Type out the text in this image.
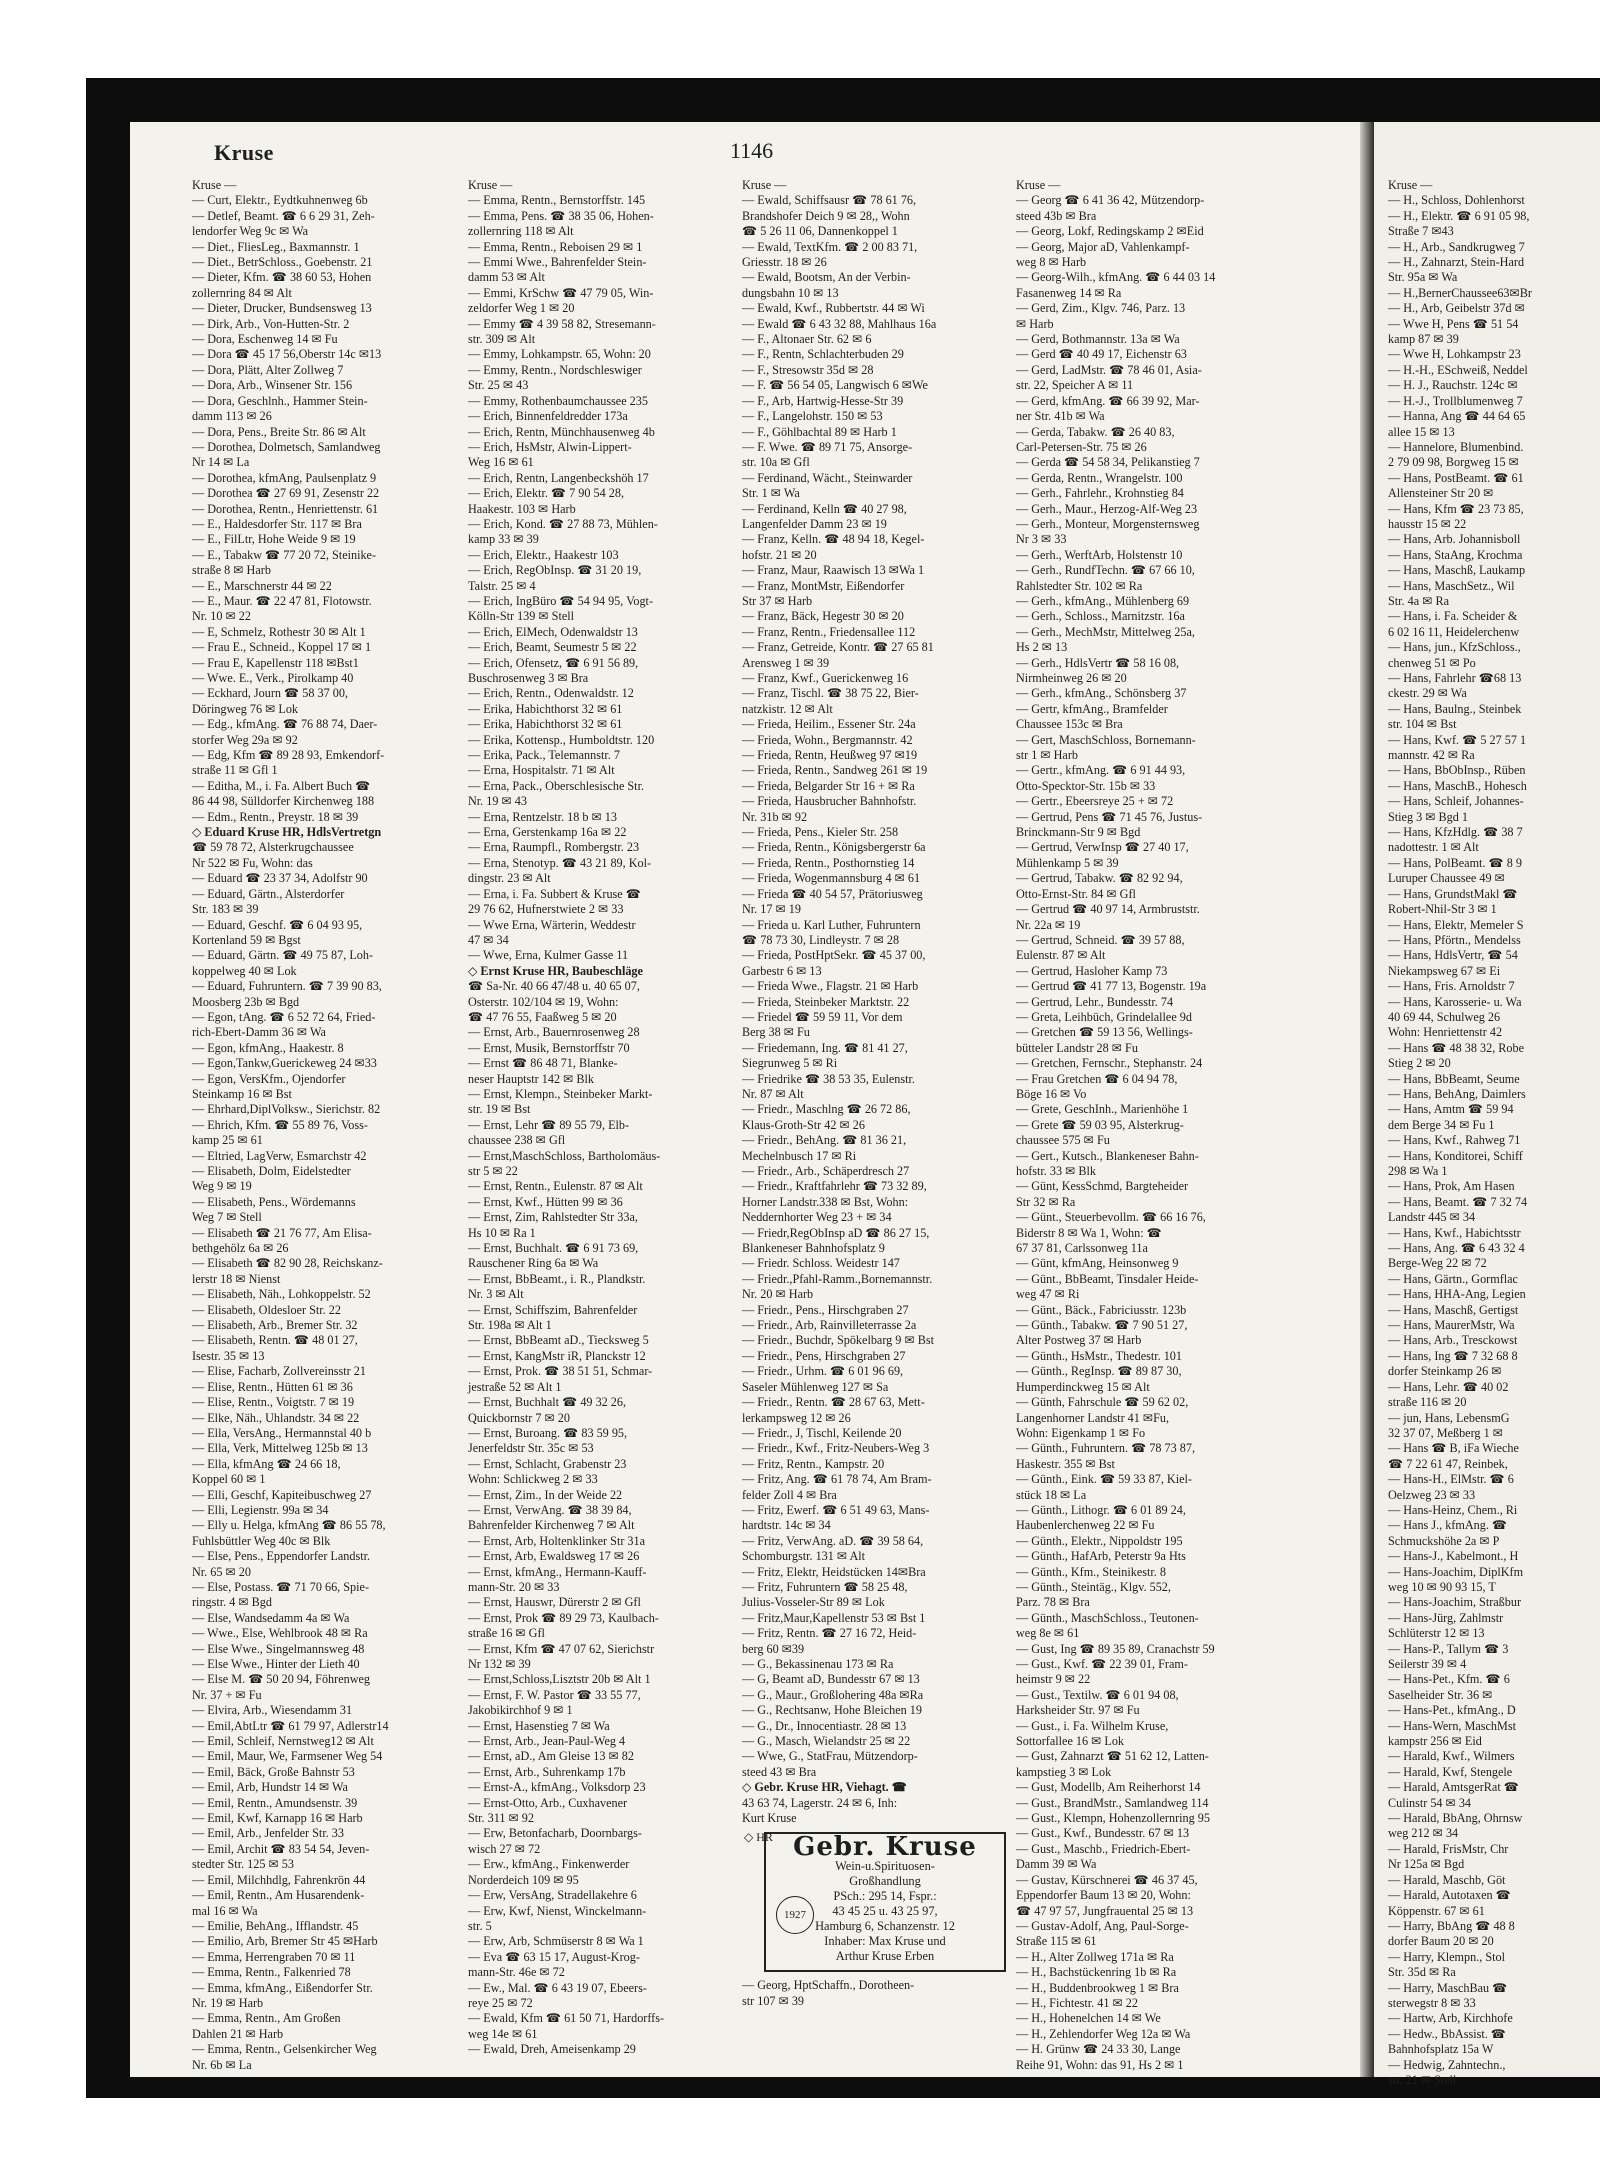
Kruse	1146
Kruse —
— Curt, Elektr., Eydtkuhnenweg 6b
— Detlef, Beamt. ☎ 6 6 29 31, Zeh-
lendorfer Weg 9c ✉ Wa
— Diet., FliesLeg., Baxmannstr. 1
— Diet., BetrSchloss., Goebenstr. 21
— Dieter, Kfm. ☎ 38 60 53, Hohen
zollernring 84 ✉ Alt
— Dieter, Drucker, Bundsensweg 13
— Dirk, Arb., Von-Hutten-Str. 2
— Dora, Eschenweg 14 ✉ Fu
— Dora ☎ 45 17 56,Oberstr 14c ✉13
— Dora, Plätt, Alter Zollweg 7
— Dora, Arb., Winsener Str. 156
— Dora, Geschlnh., Hammer Stein-
damm 113 ✉ 26
— Dora, Pens., Breite Str. 86 ✉ Alt
— Dorothea, Dolmetsch, Samlandweg
Nr 14 ✉ La
— Dorothea, kfmAng, Paulsenplatz 9
— Dorothea ☎ 27 69 91, Zesenstr 22
— Dorothea, Rentn., Henriettenstr. 61
— E., Haldesdorfer Str. 117 ✉ Bra
— E., FilLtr, Hohe Weide 9 ✉ 19
— E., Tabakw ☎ 77 20 72, Steinike-
straße 8 ✉ Harb
— E., Marschnerstr 44 ✉ 22
— E., Maur. ☎ 22 47 81, Flotowstr.
Nr. 10 ✉ 22
— E, Schmelz, Rothestr 30 ✉ Alt 1
— Frau E., Schneid., Koppel 17 ✉ 1
— Frau E, Kapellenstr 118 ✉Bst1
— Wwe. E., Verk., Pirolkamp 40
— Eckhard, Journ ☎ 58 37 00,
Döringweg 76 ✉ Lok
— Edg., kfmAng. ☎ 76 88 74, Daer-
storfer Weg 29a ✉ 92
— Edg, Kfm ☎ 89 28 93, Emkendorf-
straße 11 ✉ Gfl 1
— Editha, M., i. Fa. Albert Buch ☎
86 44 98, Sülldorfer Kirchenweg 188
— Edm., Rentn., Preystr. 18 ✉ 39
◇ Eduard Kruse HR, HdlsVertretgn
☎ 59 78 72, Alsterkrugchaussee
Nr 522 ✉ Fu, Wohn: das
— Eduard ☎ 23 37 34, Adolfstr 90
— Eduard, Gärtn., Alsterdorfer
Str. 183 ✉ 39
— Eduard, Geschf. ☎ 6 04 93 95,
Kortenland 59 ✉ Bgst
— Eduard, Gärtn. ☎ 49 75 87, Loh-
koppelweg 40 ✉ Lok
— Eduard, Fuhruntern. ☎ 7 39 90 83,
Moosberg 23b ✉ Bgd
— Egon, tAng. ☎ 6 52 72 64, Fried-
rich-Ebert-Damm 36 ✉ Wa
— Egon, kfmAng., Haakestr. 8
— Egon,Tankw,Guerickeweg 24 ✉33
— Egon, VersKfm., Ojendorfer
Steinkamp 16 ✉ Bst
— Ehrhard,DiplVolksw., Sierichstr. 82
— Ehrich, Kfm. ☎ 55 89 76, Voss-
kamp 25 ✉ 61
— Eltried, LagVerw, Esmarchstr 42
— Elisabeth, Dolm, Eidelstedter
Weg 9 ✉ 19
— Elisabeth, Pens., Wördemanns
Weg 7 ✉ Stell
— Elisabeth ☎ 21 76 77, Am Elisa-
bethgehölz 6a ✉ 26
— Elisabeth ☎ 82 90 28, Reichskanz-
lerstr 18 ✉ Nienst
— Elisabeth, Näh., Lohkoppelstr. 52
— Elisabeth, Oldesloer Str. 22
— Elisabeth, Arb., Bremer Str. 32
— Elisabeth, Rentn. ☎ 48 01 27,
Isestr. 35 ✉ 13
— Elise, Facharb, Zollvereinsstr 21
— Elise, Rentn., Hütten 61 ✉ 36
— Elise, Rentn., Voigtstr. 7 ✉ 19
— Elke, Näh., Uhlandstr. 34 ✉ 22
— Ella, VersAng., Hermannstal 40 b
— Ella, Verk, Mittelweg 125b ✉ 13
— Ella, kfmAng ☎ 24 66 18,
Koppel 60 ✉ 1
— Elli, Geschf, Kapiteibuschweg 27
— Elli, Legienstr. 99a ✉ 34
— Elly u. Helga, kfmAng ☎ 86 55 78,
Fuhlsbüttler Weg 40c ✉ Blk
— Else, Pens., Eppendorfer Landstr.
Nr. 65 ✉ 20
— Else, Postass. ☎ 71 70 66, Spie-
ringstr. 4 ✉ Bgd
— Else, Wandsedamm 4a ✉ Wa
— Wwe., Else, Wehlbrook 48 ✉ Ra
— Else Wwe., Singelmannsweg 48
— Else Wwe., Hinter der Lieth 40
— Else M. ☎ 50 20 94, Föhrenweg
Nr. 37 + ✉ Fu
— Elvira, Arb., Wiesendamm 31
— Emil,AbtLtr ☎ 61 79 97, Adlerstr14
— Emil, Schleif, Nernstweg12 ✉ Alt
— Emil, Maur, We, Farmsener Weg 54
— Emil, Bäck, Große Bahnstr 53
— Emil, Arb, Hundstr 14 ✉ Wa
— Emil, Rentn., Amundsenstr. 39
— Emil, Kwf, Karnapp 16 ✉ Harb
— Emil, Arb., Jenfelder Str. 33
— Emil, Archit ☎ 83 54 54, Jeven-
stedter Str. 125 ✉ 53
— Emil, Milchhdlg, Fahrenkrön 44
— Emil, Rentn., Am Husarendenk-
mal 16 ✉ Wa
— Emilie, BehAng., Ifflandstr. 45
— Emilio, Arb, Bremer Str 45 ✉Harb
— Emma, Herrengraben 70 ✉ 11
— Emma, Rentn., Falkenried 78
— Emma, kfmAng., Eißendorfer Str.
Nr. 19 ✉ Harb
— Emma, Rentn., Am Großen
Dahlen 21 ✉ Harb
— Emma, Rentn., Gelsenkircher Weg
Nr. 6b ✉ La
Kruse —
— Emma, Rentn., Bernstorffstr. 145
— Emma, Pens. ☎ 38 35 06, Hohen-
zollernring 118 ✉ Alt
— Emma, Rentn., Reboisen 29 ✉ 1
— Emmi Wwe., Bahrenfelder Stein-
damm 53 ✉ Alt
— Emmi, KrSchw ☎ 47 79 05, Win-
zeldorfer Weg 1 ✉ 20
— Emmy ☎ 4 39 58 82, Stresemann-
str. 309 ✉ Alt
— Emmy, Lohkampstr. 65, Wohn: 20
— Emmy, Rentn., Nordschleswiger
Str. 25 ✉ 43
— Emmy, Rothenbaumchaussee 235
— Erich, Binnenfeldredder 173a
— Erich, Rentn, Münchhausenweg 4b
— Erich, HsMstr, Alwin-Lippert-
Weg 16 ✉ 61
— Erich, Rentn, Langenbeckshöh 17
— Erich, Elektr. ☎ 7 90 54 28,
Haakestr. 103 ✉ Harb
— Erich, Kond. ☎ 27 88 73, Mühlen-
kamp 33 ✉ 39
— Erich, Elektr., Haakestr 103
— Erich, RegObInsp. ☎ 31 20 19,
Talstr. 25 ✉ 4
— Erich, IngBüro ☎ 54 94 95, Vogt-
Kölln-Str 139 ✉ Stell
— Erich, ElMech, Odenwaldstr 13
— Erich, Beamt, Seumestr 5 ✉ 22
— Erich, Ofensetz, ☎ 6 91 56 89,
Buschrosenweg 3 ✉ Bra
— Erich, Rentn., Odenwaldstr. 12
— Erika, Habichthorst 32 ✉ 61
— Erika, Habichthorst 32 ✉ 61
— Erika, Kottensp., Humboldtstr. 120
— Erika, Pack., Telemannstr. 7
— Erna, Hospitalstr. 71 ✉ Alt
— Erna, Pack., Oberschlesische Str.
Nr. 19 ✉ 43
— Erna, Rentzelstr. 18 b ✉ 13
— Erna, Gerstenkamp 16a ✉ 22
— Erna, Raumpfl., Rombergstr. 23
— Erna, Stenotyp. ☎ 43 21 89, Kol-
dingstr. 23 ✉ Alt
— Erna, i. Fa. Subbert & Kruse ☎
29 76 62, Hufnerstwiete 2 ✉ 33
— Wwe Erna, Wärterin, Weddestr
47 ✉ 34
— Wwe, Erna, Kulmer Gasse 11
◇ Ernst Kruse HR, Baubeschläge
☎ Sa-Nr. 40 66 47/48 u. 40 65 07,
Osterstr. 102/104 ✉ 19, Wohn:
☎ 47 76 55, Faaßweg 5 ✉ 20
— Ernst, Arb., Bauernrosenweg 28
— Ernst, Musik, Bernstorffstr 70
— Ernst ☎ 86 48 71, Blanke-
neser Hauptstr 142 ✉ Blk
— Ernst, Klempn., Steinbeker Markt-
str. 19 ✉ Bst
— Ernst, Lehr ☎ 89 55 79, Elb-
chaussee 238 ✉ Gfl
— Ernst,MaschSchloss, Bartholomäus-
str 5 ✉ 22
— Ernst, Rentn., Eulenstr. 87 ✉ Alt
— Ernst, Kwf., Hütten 99 ✉ 36
— Ernst, Zim, Rahlstedter Str 33a,
Hs 10 ✉ Ra 1
— Ernst, Buchhalt. ☎ 6 91 73 69,
Rauschener Ring 6a ✉ Wa
— Ernst, BbBeamt., i. R., Plandkstr.
Nr. 3 ✉ Alt
— Ernst, Schiffszim, Bahrenfelder
Str. 198a ✉ Alt 1
— Ernst, BbBeamt aD., Tiecksweg 5
— Ernst, KangMstr iR, Planckstr 12
— Ernst, Prok. ☎ 38 51 51, Schmar-
jestraße 52 ✉ Alt 1
— Ernst, Buchhalt ☎ 49 32 26,
Quickbornstr 7 ✉ 20
— Ernst, Buroang. ☎ 83 59 95,
Jenerfeldstr Str. 35c ✉ 53
— Ernst, Schlacht, Grabenstr 23
Wohn: Schlickweg 2 ✉ 33
— Ernst, Zim., In der Weide 22
— Ernst, VerwAng. ☎ 38 39 84,
Bahrenfelder Kirchenweg 7 ✉ Alt
— Ernst, Arb, Holtenklinker Str 31a
— Ernst, Arb, Ewaldsweg 17 ✉ 26
— Ernst, kfmAng., Hermann-Kauff-
mann-Str. 20 ✉ 33
— Ernst, Hauswr, Dürerstr 2 ✉ Gfl
— Ernst, Prok ☎ 89 29 73, Kaulbach-
straße 16 ✉ Gfl
— Ernst, Kfm ☎ 47 07 62, Sierichstr
Nr 132 ✉ 39
— Ernst,Schloss,Lisztstr 20b ✉ Alt 1
— Ernst, F. W. Pastor ☎ 33 55 77,
Jakobikirchhof 9 ✉ 1
— Ernst, Hasenstieg 7 ✉ Wa
— Ernst, Arb., Jean-Paul-Weg 4
— Ernst, aD., Am Gleise 13 ✉ 82
— Ernst, Arb., Suhrenkamp 17b
— Ernst-A., kfmAng., Volksdorp 23
— Ernst-Otto, Arb., Cuxhavener
Str. 311 ✉ 92
— Erw, Betonfacharb, Doornbargs-
wisch 27 ✉ 72
— Erw., kfmAng., Finkenwerder
Norderdeich 109 ✉ 95
— Erw, VersAng, Stradellakehre 6
— Erw, Kwf, Nienst, Winckelmann-
str. 5
— Erw, Arb, Schmüserstr 8 ✉ Wa 1
— Eva ☎ 63 15 17, August-Krog-
mann-Str. 46e ✉ 72
— Ew., Mal. ☎ 6 43 19 07, Ebeers-
reye 25 ✉ 72
— Ewald, Kfm ☎ 61 50 71, Hardorffs-
weg 14e ✉ 61
— Ewald, Dreh, Ameisenkamp 29
Kruse —
— Ewald, Schiffsausr ☎ 78 61 76,
Brandshofer Deich 9 ✉ 28,, Wohn
☎ 5 26 11 06, Dannenkoppel 1
— Ewald, TextKfm. ☎ 2 00 83 71,
Griesstr. 18 ✉ 26
— Ewald, Bootsm, An der Verbin-
dungsbahn 10 ✉ 13
— Ewald, Kwf., Rubbertstr. 44 ✉ Wi
— Ewald ☎ 6 43 32 88, Mahlhaus 16a
— F., Altonaer Str. 62 ✉ 6
— F., Rentn, Schlachterbuden 29
— F., Stresowstr 35d ✉ 28
— F. ☎ 56 54 05, Langwisch 6 ✉We
— F., Arb, Hartwig-Hesse-Str 39
— F., Langelohstr. 150 ✉ 53
— F., Göhlbachtal 89 ✉ Harb 1
— F. Wwe. ☎ 89 71 75, Ansorge-
str. 10a ✉ Gfl
— Ferdinand, Wächt., Steinwarder
Str. 1 ✉ Wa
— Ferdinand, Kelln ☎ 40 27 98,
Langenfelder Damm 23 ✉ 19
— Franz, Kelln. ☎ 48 94 18, Kegel-
hofstr. 21 ✉ 20
— Franz, Maur, Raawisch 13 ✉Wa 1
— Franz, MontMstr, Eißendorfer
Str 37 ✉ Harb
— Franz, Bäck, Hegestr 30 ✉ 20
— Franz, Rentn., Friedensallee 112
— Franz, Getreide, Kontr. ☎ 27 65 81
Arensweg 1 ✉ 39
— Franz, Kwf., Guerickenweg 16
— Franz, Tischl. ☎ 38 75 22, Bier-
natzkistr. 12 ✉ Alt
— Frieda, Heilim., Essener Str. 24a
— Frieda, Wohn., Bergmannstr. 42
— Frieda, Rentn, Heußweg 97 ✉19
— Frieda, Rentn., Sandweg 261 ✉ 19
— Frieda, Belgarder Str 16 + ✉ Ra
— Frieda, Hausbrucher Bahnhofstr.
Nr. 31b ✉ 92
— Frieda, Pens., Kieler Str. 258
— Frieda, Rentn., Königsbergerstr 6a
— Frieda, Rentn., Posthornstieg 14
— Frieda, Wogenmannsburg 4 ✉ 61
— Frieda ☎ 40 54 57, Prätoriusweg
Nr. 17 ✉ 19
— Frieda u. Karl Luther, Fuhruntern
☎ 78 73 30, Lindleystr. 7 ✉ 28
— Frieda, PostHptSekr. ☎ 45 37 00,
Garbestr 6 ✉ 13
— Frieda Wwe., Flagstr. 21 ✉ Harb
— Frieda, Steinbeker Marktstr. 22
— Friedel ☎ 59 59 11, Vor dem
Berg 38 ✉ Fu
— Friedemann, Ing. ☎ 81 41 27,
Siegrunweg 5 ✉ Ri
— Friedrike ☎ 38 53 35, Eulenstr.
Nr. 87 ✉ Alt
— Friedr., Maschlng ☎ 26 72 86,
Klaus-Groth-Str 42 ✉ 26
— Friedr., BehAng. ☎ 81 36 21,
Mechelnbusch 17 ✉ Ri
— Friedr., Arb., Schäperdresch 27
— Friedr., Kraftfahrlehr ☎ 73 32 89,
Horner Landstr.338 ✉ Bst, Wohn:
Neddernhorter Weg 23 + ✉ 34
— Friedr,RegObInsp aD ☎ 86 27 15,
Blankeneser Bahnhofsplatz 9
— Friedr. Schloss. Weidestr 147
— Friedr.,Pfahl-Ramm.,Bornemannstr.
Nr. 20 ✉ Harb
— Friedr., Pens., Hirschgraben 27
— Friedr., Arb, Rainvilleterrasse 2a
— Friedr., Buchdr, Spökelbarg 9 ✉ Bst
— Friedr., Pens, Hirschgraben 27
— Friedr., Urhm. ☎ 6 01 96 69,
Saseler Mühlenweg 127 ✉ Sa
— Friedr., Rentn. ☎ 28 67 63, Mett-
lerkampsweg 12 ✉ 26
— Friedr., J, Tischl, Keilende 20
— Friedr., Kwf., Fritz-Neubers-Weg 3
— Fritz, Rentn., Kampstr. 20
— Fritz, Ang. ☎ 61 78 74, Am Bram-
felder Zoll 4 ✉ Bra
— Fritz, Ewerf. ☎ 6 51 49 63, Mans-
hardtstr. 14c ✉ 34
— Fritz, VerwAng. aD. ☎ 39 58 64,
Schomburgstr. 131 ✉ Alt
— Fritz, Elektr, Heidstücken 14✉Bra
— Fritz, Fuhruntern ☎ 58 25 48,
Julius-Vosseler-Str 89 ✉ Lok
— Fritz,Maur,Kapellenstr 53 ✉ Bst 1
— Fritz, Rentn. ☎ 27 16 72, Heid-
berg 60 ✉39
— G., Bekassinenau 173 ✉ Ra
— G, Beamt aD, Bundesstr 67 ✉ 13
— G., Maur., Großlohering 48a ✉Ra
— G., Rechtsanw, Hohe Bleichen 19
— G., Dr., Innocentiastr. 28 ✉ 13
— G., Masch, Wielandstr 25 ✉ 22
— Wwe, G., StatFrau, Mützendorp-
steed 43 ✉ Bra
◇ Gebr. Kruse HR, Viehagt. ☎
43 63 74, Lagerstr. 24 ✉ 6, Inh:
Kurt Kruse
◇ HR Gebr. Kruse
1927
Wein-u.Spirituosen-
Großhandlung
PSch.: 295 14, Fspr.:
43 45 25 u. 43 25 97,
Hamburg 6, Schanzenstr. 12
Inhaber: Max Kruse und
Arthur Kruse Erben
— Georg, HptSchaffn., Dorotheen-
str 107 ✉ 39
Kruse —
— Georg ☎ 6 41 36 42, Mützendorp-
steed 43b ✉ Bra
— Georg, Lokf, Redingskamp 2 ✉Eid
— Georg, Major aD, Vahlenkampf-
weg 8 ✉ Harb
— Georg-Wilh., kfmAng. ☎ 6 44 03 14
Fasanenweg 14 ✉ Ra
— Gerd, Zim., Klgv. 746, Parz. 13
✉ Harb
— Gerd, Bothmannstr. 13a ✉ Wa
— Gerd ☎ 40 49 17, Eichenstr 63
— Gerd, LadMstr. ☎ 78 46 01, Asia-
str. 22, Speicher A ✉ 11
— Gerd, kfmAng. ☎ 66 39 92, Mar-
ner Str. 41b ✉ Wa
— Gerda, Tabakw. ☎ 26 40 83,
Carl-Petersen-Str. 75 ✉ 26
— Gerda ☎ 54 58 34, Pelikanstieg 7
— Gerda, Rentn., Wrangelstr. 100
— Gerh., Fahrlehr., Krohnstieg 84
— Gerh., Maur., Herzog-Alf-Weg 23
— Gerh., Monteur, Morgensternsweg
Nr 3 ✉ 33
— Gerh., WerftArb, Holstenstr 10
— Gerh., RundfTechn. ☎ 67 66 10,
Rahlstedter Str. 102 ✉ Ra
— Gerh., kfmAng., Mühlenberg 69
— Gerh., Schloss., Marnitzstr. 16a
— Gerh., MechMstr, Mittelweg 25a,
Hs 2 ✉ 13
— Gerh., HdlsVertr ☎ 58 16 08,
Nirmheinweg 26 ✉ 20
— Gerh., kfmAng., Schönsberg 37
— Gertr, kfmAng., Bramfelder
Chaussee 153c ✉ Bra
— Gert, MaschSchloss, Bornemann-
str 1 ✉ Harb
— Gertr., kfmAng. ☎ 6 91 44 93,
Otto-Specktor-Str. 15b ✉ 33
— Gertr., Ebeersreye 25 + ✉ 72
— Gertrud, Pens ☎ 71 45 76, Justus-
Brinckmann-Str 9 ✉ Bgd
— Gertrud, VerwInsp ☎ 27 40 17,
Mühlenkamp 5 ✉ 39
— Gertrud, Tabakw. ☎ 82 92 94,
Otto-Ernst-Str. 84 ✉ Gfl
— Gertrud ☎ 40 97 14, Armbruststr.
Nr. 22a ✉ 19
— Gertrud, Schneid. ☎ 39 57 88,
Eulenstr. 87 ✉ Alt
— Gertrud, Hasloher Kamp 73
— Gertrud ☎ 41 77 13, Bogenstr. 19a
— Gertrud, Lehr., Bundesstr. 74
— Greta, Leihbüch, Grindelallee 9d
— Gretchen ☎ 59 13 56, Wellings-
bütteler Landstr 28 ✉ Fu
— Gretchen, Fernschr., Stephanstr. 24
— Frau Gretchen ☎ 6 04 94 78,
Böge 16 ✉ Vo
— Grete, GeschInh., Marienhöhe 1
— Grete ☎ 59 03 95, Alsterkrug-
chaussee 575 ✉ Fu
— Gert., Kutsch., Blankeneser Bahn-
hofstr. 33 ✉ Blk
— Günt, KessSchmd, Bargteheider
Str 32 ✉ Ra
— Günt., Steuerbevollm. ☎ 66 16 76,
Biderstr 8 ✉ Wa 1, Wohn: ☎
67 37 81, Carlssonweg 11a
— Günt, kfmAng, Heinsonweg 9
— Günt., BbBeamt, Tinsdaler Heide-
weg 47 ✉ Ri
— Günt., Bäck., Fabriciusstr. 123b
— Günth., Tabakw. ☎ 7 90 51 27,
Alter Postweg 37 ✉ Harb
— Günth., HsMstr., Thedestr. 101
— Günth., RegInsp. ☎ 89 87 30,
Humperdinckweg 15 ✉ Alt
— Günth, Fahrschule ☎ 59 62 02,
Langenhorner Landstr 41 ✉Fu,
Wohn: Eigenkamp 1 ✉ Fo
— Günth., Fuhruntern. ☎ 78 73 87,
Haskestr. 355 ✉ Bst
— Günth., Eink. ☎ 59 33 87, Kiel-
stück 18 ✉ La
— Günth., Lithogr. ☎ 6 01 89 24,
Haubenlerchenweg 22 ✉ Fu
— Günth., Elektr., Nippoldstr 195
— Günth., HafArb, Peterstr 9a Hts
— Günth., Kfm., Steinikestr. 8
— Günth., Steintäg., Klgv. 552,
Parz. 78 ✉ Bra
— Günth., MaschSchloss., Teutonen-
weg 8e ✉ 61
— Gust, Ing ☎ 89 35 89, Cranachstr 59
— Gust., Kwf. ☎ 22 39 01, Fram-
heimstr 9 ✉ 22
— Gust., Textilw. ☎ 6 01 94 08,
Harksheider Str. 97 ✉ Fu
— Gust., i. Fa. Wilhelm Kruse,
Sottorfallee 16 ✉ Lok
— Gust, Zahnarzt ☎ 51 62 12, Latten-
kampstieg 3 ✉ Lok
— Gust, Modellb, Am Reiherhorst 14
— Gust., BrandMstr., Samlandweg 114
— Gust., Klempn, Hohenzollernring 95
— Gust., Kwf., Bundesstr. 67 ✉ 13
— Gust., Maschb., Friedrich-Ebert-
Damm 39 ✉ Wa
— Gustav, Kürschnerei ☎ 46 37 45,
Eppendorfer Baum 13 ✉ 20, Wohn:
☎ 47 97 57, Jungfrauental 25 ✉ 13
— Gustav-Adolf, Ang, Paul-Sorge-
Straße 115 ✉ 61
— H., Alter Zollweg 171a ✉ Ra
— H., Bachstückenring 1b ✉ Ra
— H., Buddenbrookweg 1 ✉ Bra
— H., Fichtestr. 41 ✉ 22
— H., Hohenelchen 14 ✉ We
— H., Zehlendorfer Weg 12a ✉ Wa
— H. Grünw ☎ 24 33 30, Lange
Reihe 91, Wohn: das 91, Hs 2 ✉ 1
Kruse —
— H., Schloss, Dohlenhorst
— H., Elektr. ☎ 6 91 05 98,
Straße 7 ✉43
— H., Arb., Sandkrugweg 7
— H., Zahnarzt, Stein-Hard
Str. 95a ✉ Wa
— H.,BernerChaussee63✉Br
— H., Arb, Geibelstr 37d ✉
— Wwe H, Pens ☎ 51 54
kamp 87 ✉ 39
— Wwe H, Lohkampstr 23
— H.-H., ESchweiß, Neddel
— H. J., Rauchstr. 124c ✉
— H.-J., Trollblumenweg 7
— Hanna, Ang ☎ 44 64 65
allee 15 ✉ 13
— Hannelore, Blumenbind.
2 79 09 98, Borgweg 15 ✉
— Hans, PostBeamt. ☎ 61
Allensteiner Str 20 ✉
— Hans, Kfm ☎ 23 73 85,
hausstr 15 ✉ 22
— Hans, Arb. Johannisboll
— Hans, StaAng, Krochma
— Hans, Maschß, Laukamp
— Hans, MaschSetz., Wil
Str. 4a ✉ Ra
— Hans, i. Fa. Scheider &
6 02 16 11, Heidelerchenw
— Hans, jun., KfzSchloss.,
chenweg 51 ✉ Po
— Hans, Fahrlehr ☎68 13
ckestr. 29 ✉ Wa
— Hans, Baulng., Steinbek
str. 104 ✉ Bst
— Hans, Kwf. ☎ 5 27 57 1
mannstr. 42 ✉ Ra
— Hans, BbObInsp., Rüben
— Hans, MaschB., Hohesch
— Hans, Schleif, Johannes-
Stieg 3 ✉ Bgd 1
— Hans, KfzHdlg. ☎ 38 7
nadottestr. 1 ✉ Alt
— Hans, PolBeamt. ☎ 8 9
Luruper Chaussee 49 ✉
— Hans, GrundstMakl ☎
Robert-Nhil-Str 3 ✉ 1
— Hans, Elektr, Memeler S
— Hans, Pförtn., Mendelss
— Hans, HdlsVertr, ☎ 54
Niekampsweg 67 ✉ Ei
— Hans, Fris. Arnoldstr 7
— Hans, Karosserie- u. Wa
40 69 44, Schulweg 26
Wohn: Henriettenstr 42
— Hans ☎ 48 38 32, Robe
Stieg 2 ✉ 20
— Hans, BbBeamt, Seume
— Hans, BehAng, Daimlers
— Hans, Amtm ☎ 59 94
dem Berge 34 ✉ Fu 1
— Hans, Kwf., Rahweg 71
— Hans, Konditorei, Schiff
298 ✉ Wa 1
— Hans, Prok, Am Hasen
— Hans, Beamt. ☎ 7 32 74
Landstr 445 ✉ 34
— Hans, Kwf., Habichtsstr
— Hans, Ang. ☎ 6 43 32 4
Berge-Weg 22 ✉ 72
— Hans, Gärtn., Gormflac
— Hans, HHA-Ang, Legien
— Hans, Maschß, Gertigst
— Hans, MaurerMstr, Wa
— Hans, Arb., Tresckowst
— Hans, Ing ☎ 7 32 68 8
dorfer Steinkamp 26 ✉
— Hans, Lehr. ☎ 40 02
straße 116 ✉ 20
— jun, Hans, LebensmG
32 37 07, Meßberg 1 ✉
— Hans ☎ B, iFa Wieche
☎ 7 22 61 47, Reinbek,
— Hans-H., ElMstr. ☎ 6
Oelzweg 23 ✉ 33
— Hans-Heinz, Chem., Ri
— Hans J., kfmAng. ☎
Schmuckshöhe 2a ✉ P
— Hans-J., Kabelmont., H
— Hans-Joachim, DiplKfm
weg 10 ✉ 90 93 15, T
— Hans-Joachim, Straßbur
— Hans-Jürg, Zahlmstr
Schlüterstr 12 ✉ 13
— Hans-P., Tallym ☎ 3
Seilerstr 39 ✉ 4
— Hans-Pet., Kfm. ☎ 6
Saselheider Str. 36 ✉
— Hans-Pet., kfmAng., D
— Hans-Wern, MaschMst
kampstr 256 ✉ Eid
— Harald, Kwf., Wilmers
— Harald, Kwf, Stengele
— Harald, AmtsgerRat ☎
Culinstr 54 ✉ 34
— Harald, BbAng, Ohrnsw
weg 212 ✉ 34
— Harald, FrisMstr, Chr
Nr 125a ✉ Bgd
— Harald, Maschb, Göt
— Harald, Autotaxen ☎
Köppenstr. 67 ✉ 61
— Harry, BbAng ☎ 48 8
dorfer Baum 20 ✉ 20
— Harry, Klempn., Stol
Str. 35d ✉ Ra
— Harry, MaschBau ☎
sterwegstr 8 ✉ 33
— Hartw, Arb, Kirchhofe
— Hedw., BbAssist. ☎
Bahnhofsplatz 15a W
— Hedwig, Zahntechn.,
str. 21 ✉ Stell
